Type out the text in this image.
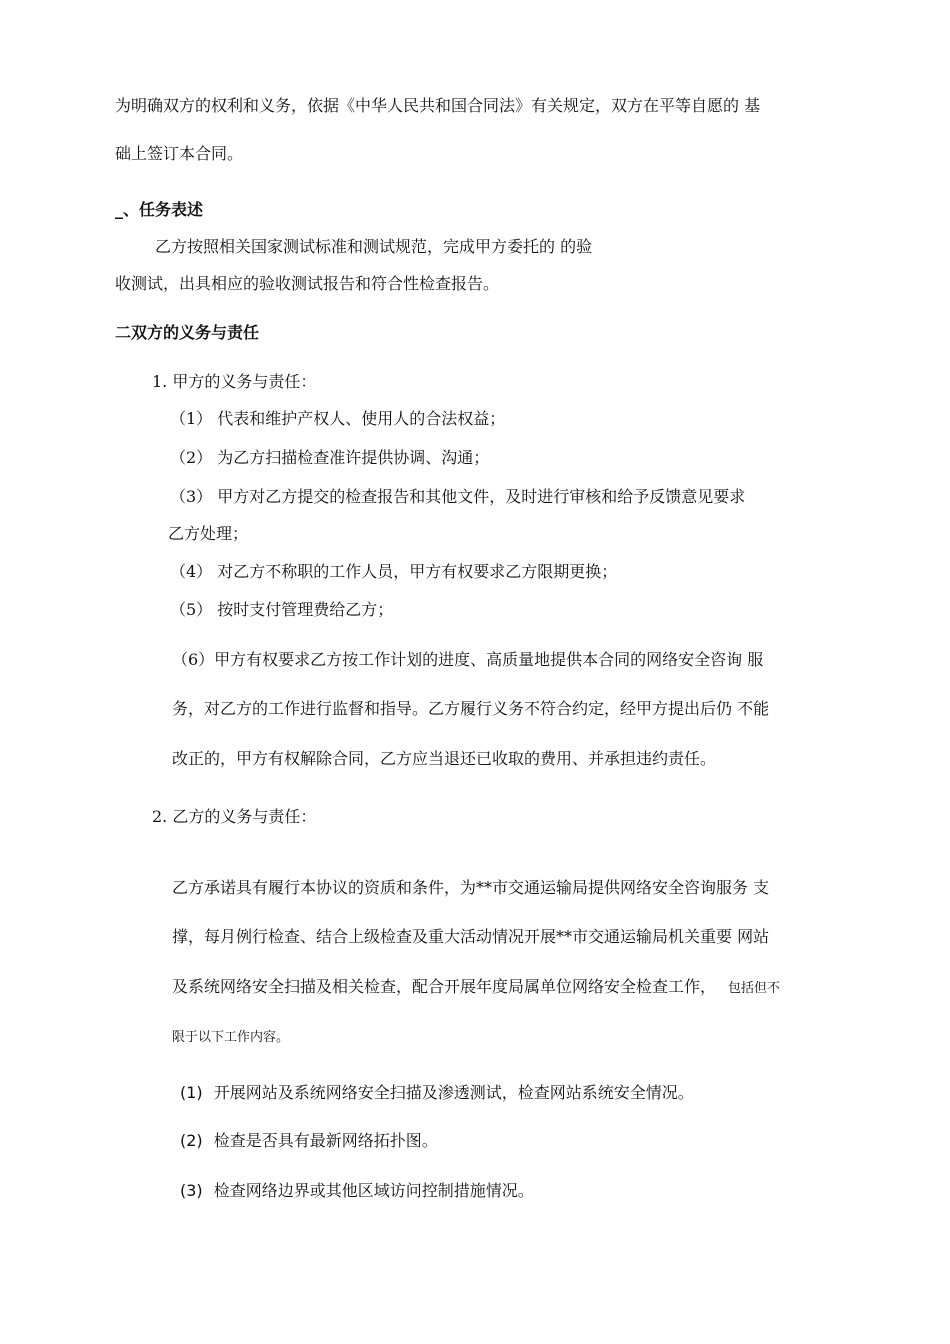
为明确双方的权利和义务，依据《中华人民共和国合同法》有关规定，双方在平等自愿的 基
础上签订本合同。
_、任务表述
乙方按照相关国家测试标准和测试规范，完成甲方委托的 的验
收测试，出具相应的验收测试报告和符合性检查报告。
二双方的义务与责任
1. 甲方的义务与责任：
（1） 代表和维护产权人、使用人的合法权益；
（2） 为乙方扫描检查准许提供协调、沟通；
（3） 甲方对乙方提交的检查报告和其他文件，及时进行审核和给予反馈意见要求
乙方处理；
（4） 对乙方不称职的工作人员，甲方有权要求乙方限期更换；
（5） 按时支付管理费给乙方；
（6）甲方有权要求乙方按工作计划的进度、高质量地提供本合同的网络安全咨询 服
务，对乙方的工作进行监督和指导。乙方履行义务不符合约定，经甲方提出后仍 不能
改正的，甲方有权解除合同，乙方应当退还已收取的费用、并承担违约责任。
2. 乙方的义务与责任：
乙方承诺具有履行本协议的资质和条件，为**市交通运输局提供网络安全咨询服务 支
撑，每月例行检查、结合上级检查及重大活动情况开展**市交通运输局机关重要 网站
及系统网络安全扫描及相关检查，配合开展年度局属单位网络安全检查工作， 包括但不
限于以下工作内容。
(1) 开展网站及系统网络安全扫描及渗透测试，检查网站系统安全情况。
(2) 检查是否具有最新网络拓扑图。
(3) 检查网络边界或其他区域访问控制措施情况。
